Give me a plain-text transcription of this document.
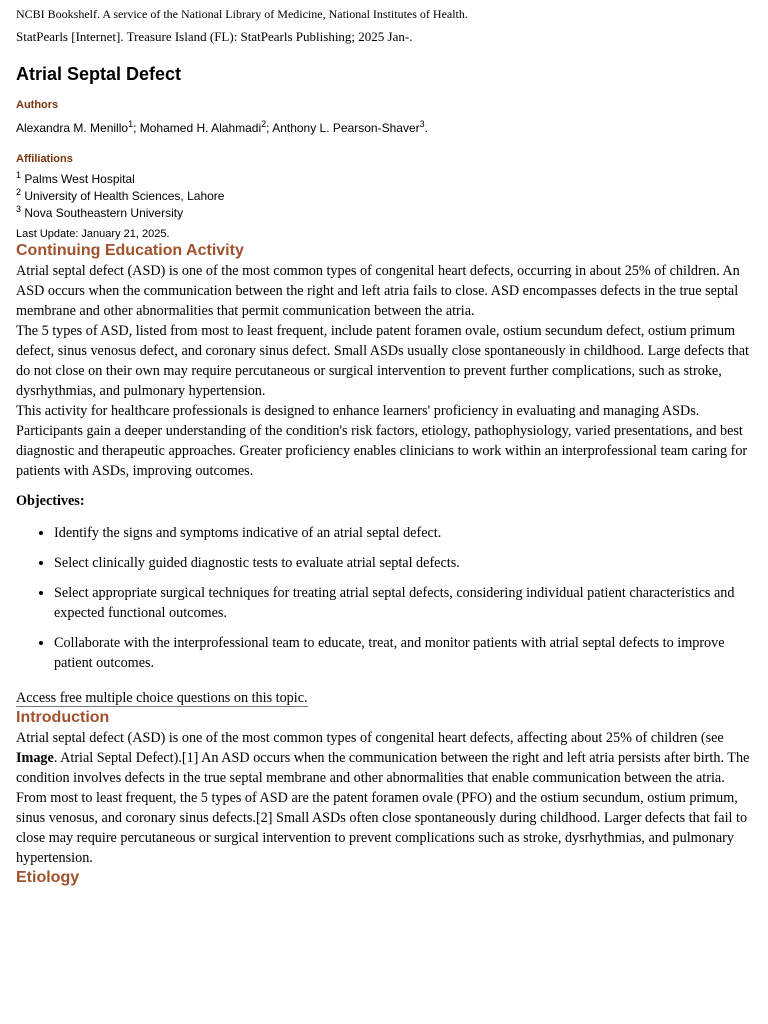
NCBI Bookshelf. A service of the National Library of Medicine, National Institutes of Health.
StatPearls [Internet]. Treasure Island (FL): StatPearls Publishing; 2025 Jan-.
Atrial Septal Defect
Authors
Alexandra M. Menillo$^1$; Mohamed H. Alahmadi$^2$; Anthony L. Pearson-Shaver$^3$.
Affiliations
$^1$ Palms West Hospital
$^2$ University of Health Sciences, Lahore
$^3$ Nova Southeastern University
Last Update: January 21, 2025.
Continuing Education Activity

Atrial septal defect (ASD) is one of the most common types of congenital heart defects, occurring in about 25% of children. An ASD occurs when the communication between the right and left atria fails to close. ASD encompasses defects in the true septal membrane and other abnormalities that permit communication between the atria.

The 5 types of ASD, listed from most to least frequent, include patent foramen ovale, ostium secundum defect, ostium primum defect, sinus venosus defect, and coronary sinus defect. Small ASDs usually close spontaneously in childhood. Large defects that do not close on their own may require percutaneous or surgical intervention to prevent further complications, such as stroke, dysrhythmias, and pulmonary hypertension.

This activity for healthcare professionals is designed to enhance learners' proficiency in evaluating and managing ASDs. Participants gain a deeper understanding of the condition's risk factors, etiology, pathophysiology, varied presentations, and best diagnostic and therapeutic approaches. Greater proficiency enables clinicians to work within an interprofessional team caring for patients with ASDs, improving outcomes.

Objectives:
• Identify the signs and symptoms indicative of an atrial septal defect.
• Select clinically guided diagnostic tests to evaluate atrial septal defects.
• Select appropriate surgical techniques for treating atrial septal defects, considering individual patient characteristics and expected functional outcomes.
• Collaborate with the interprofessional team to educate, treat, and monitor patients with atrial septal defects to improve patient outcomes.
Access free multiple choice questions on this topic.
Introduction

Atrial septal defect (ASD) is one of the most common types of congenital heart defects, affecting about 25% of children (see Image. Atrial Septal Defect).[1] An ASD occurs when the communication between the right and left atria persists after birth. The condition involves defects in the true septal membrane and other abnormalities that enable communication between the atria. From most to least frequent, the 5 types of ASD are the patent foramen ovale (PFO) and the ostium secundum, ostium primum, sinus venosus, and coronary sinus defects.[2] Small ASDs often close spontaneously during childhood. Larger defects that fail to close may require percutaneous or surgical intervention to prevent complications such as stroke, dysrhythmias, and pulmonary hypertension.

Etiology
